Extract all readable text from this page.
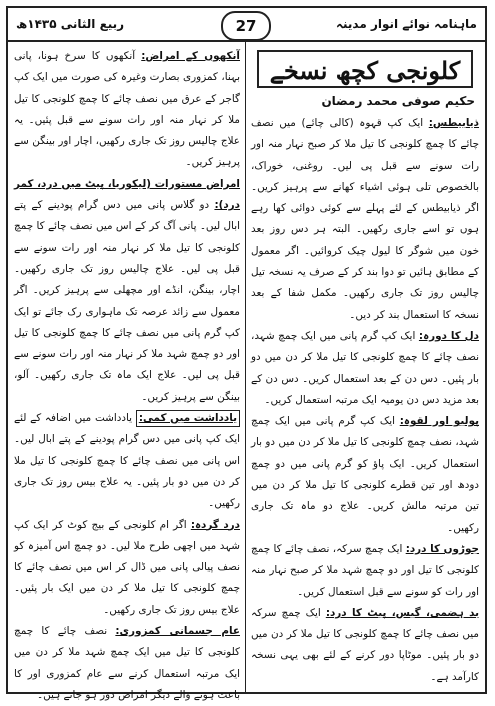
ربیع الثانی ۱۴۳۵ھ	27	ماہنامہ نوائے انوار مدینہ
کلونجی کچھ نسخے
حکیم صوفی محمد رمضان

ذیابیطس: ایک کپ قہوہ (کالی چائے) میں نصف چائے کا چمچ کلونجی کا تیل ملا کر صبح نہار منہ اور رات سونے سے قبل پی لیں۔ روغنی، خوراک، بالخصوص تلی ہوئی اشیاء کھانے سے پرہیز کریں۔ اگر ذیابیطس کے لئے پہلے سے کوئی دوائی کھا رہے ہوں تو اسے جاری رکھیں۔ البتہ ہر دس روز بعد خون میں شوگر کا لیول چیک کروائیں۔ اگر معمول کے مطابق ہائیں تو دوا بند کر کے صرف یہ نسخہ تیل چالیس روز تک جاری رکھیں۔ مکمل شفا کے بعد نسخہ کا استعمال بند کر دیں۔

دل کا دورہ: ایک کپ گرم پانی میں ایک چمچ شہد، نصف چائے کا چمچ کلونجی کا تیل ملا کر دن میں دو بار پئیں۔ دس دن کے بعد استعمال کریں۔ دس دن کے بعد مزید دس دن یومیہ ایک مرتبہ استعمال کریں۔

پولیو اور لقوہ: ایک کپ گرم پانی میں ایک چمچ شہد، نصف چمچ کلونجی کا تیل ملا کر دن میں دو بار استعمال کریں۔ ایک پاؤ کو گرم پانی میں دو چمچ دودھ اور تین قطرے کلونجی کا تیل ملا کر دن میں تین مرتبہ مالش کریں۔ علاج دو ماہ تک جاری رکھیں۔

جوڑوں کا درد: ایک چمچ سرکہ، نصف چائے کا چمچ کلونجی کا تیل اور دو چمچ شہد ملا کر صبح نہار منہ اور رات کو سونے سے قبل استعمال کریں۔

بد ہضمی، گیس، پیٹ کا درد: ایک چمچ سرکہ میں نصف چائے کا چمچ کلونجی کا تیل ملا کر دن میں دو بار پئیں۔ موٹاپا دور کرنے کے لئے بھی یہی نسخہ کارآمد ہے۔

آنکھوں کے امراض: آنکھوں کا سرخ ہونا، پانی بہنا، کمزوری بصارت وغیرہ کی صورت میں ایک کپ گاجر کے عرق میں نصف چائے کا چمچ کلونجی کا تیل ملا کر نہار منہ اور رات سونے سے قبل پئیں۔ یہ علاج چالیس روز تک جاری رکھیں، اچار اور بینگن سے پرہیز کریں۔

امراض مستورات (لیکوریا، پیٹ میں درد، کمر درد): دو گلاس پانی میں دس گرام پودینے کے پتے ابال لیں۔ پانی آگ کر کے اس میں نصف چائے کا چمچ کلونجی کا تیل ملا کر نہار منہ اور رات سونے سے قبل پی لیں۔ علاج چالیس روز تک جاری رکھیں۔ اچار، بینگن، انڈے اور مچھلی سے پرہیز کریں۔ اگر معمول سے زائد عرصہ تک ماہواری رک جائے تو ایک کپ گرم پانی میں نصف چائے کا چمچ کلونجی کا تیل اور دو چمچ شہد ملا کر نہار منہ اور رات سونے سے قبل پی لیں۔ علاج ایک ماہ تک جاری رکھیں۔ آلو، بینگن سے پرہیز کریں۔

یادداشت میں کمی: یادداشت میں اضافہ کے لئے ایک کپ پانی میں دس گرام پودینے کے پتے ابال لیں۔ اس پانی میں نصف چائے کا چمچ کلونجی کا تیل ملا کر دن میں دو بار پئیں۔ یہ علاج بیس روز تک جاری رکھیں۔

درد گردہ: اگر ام کلونجی کے بیج کوٹ کر ایک کپ شہد میں اچھی طرح ملا لیں۔ دو چمچ اس آمیزہ کو نصف پیالی پانی میں ڈال کر اس میں نصف چائے کا چمچ کلونجی کا تیل ملا کر دن میں ایک بار پئیں۔ علاج بیس روز تک جاری رکھیں۔

عام جسمانی کمزوری: نصف چائے کا چمچ کلونجی کا تیل میں ایک چمچ شہد ملا کر دن میں ایک مرتبہ استعمال کرنے سے عام کمزوری اور کا باعث ہونے والے دیگر امراض دور ہو جاتے ہیں۔
